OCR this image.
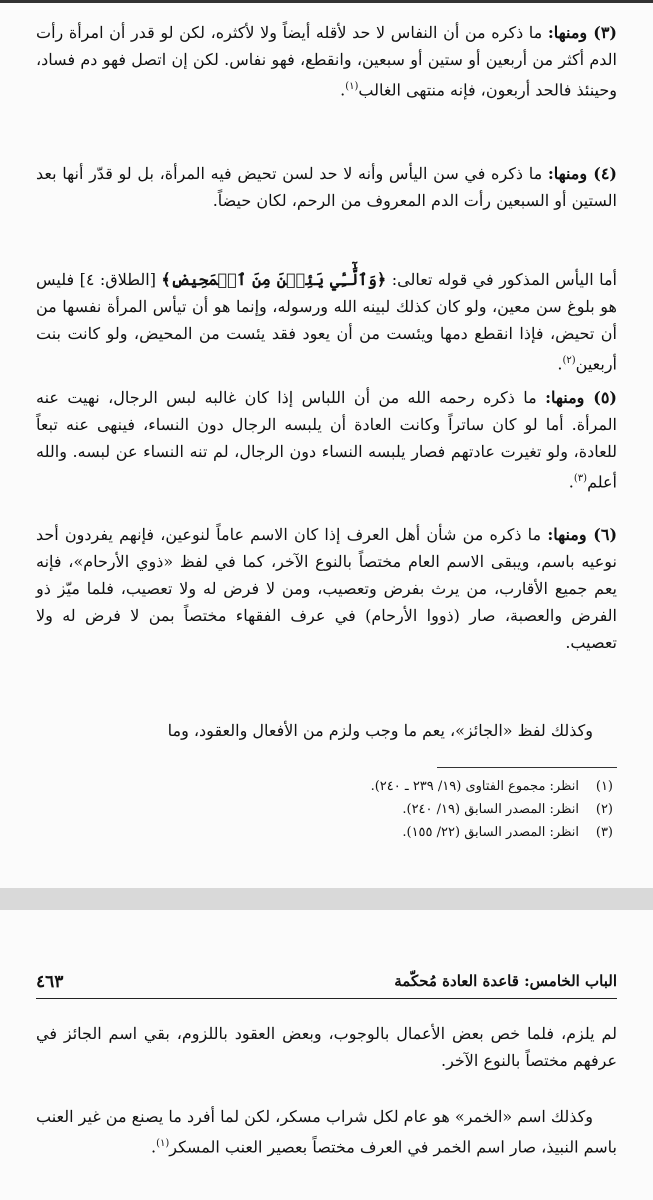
(٣) ومنها: ما ذكره من أن النفاس لا حد لأقله أيضاً ولا لأكثره، لكن لو قدر أن امرأة رأت الدم أكثر من أربعين أو ستين أو سبعين، وانقطع، فهو نفاس. لكن إن اتصل فهو دم فساد، وحينئذ فالحد أربعون، فإنه منتهى الغالب$^{(١)}$.

(٤) ومنها: ما ذكره في سن اليأس وأنه لا حد لسن تحيض فيه المرأة، بل لو قدّر أنها بعد الستين أو السبعين رأت الدم المعروف من الرحم، لكان حيضاً.

أما اليأس المذكور في قوله تعالى: ﴿وَٱلَّٰٓـِٔي يَئِسۡنَ مِنَ ٱلۡمَحِيضِ﴾ [الطلاق: ٤] فليس هو بلوغ سن معين، ولو كان كذلك لبينه الله ورسوله، وإنما هو أن تيأس المرأة نفسها من أن تحيض، فإذا انقطع دمها ويئست من أن يعود فقد يئست من المحيض، ولو كانت بنت أربعين$^{(٢)}$.

(٥) ومنها: ما ذكره رحمه الله من أن اللباس إذا كان غالبه لبس الرجال، نهيت عنه المرأة. أما لو كان ساتراً وكانت العادة أن يلبسه الرجال دون النساء، فينهى عنه تبعاً للعادة، ولو تغيرت عادتهم فصار يلبسه النساء دون الرجال، لم تنه النساء عن لبسه. والله أعلم$^{(٣)}$.

(٦) ومنها: ما ذكره من شأن أهل العرف إذا كان الاسم عاماً لنوعين، فإنهم يفردون أحد نوعيه باسم، ويبقى الاسم العام مختصاً بالنوع الآخر، كما في لفظ «ذوي الأرحام»، فإنه يعم جميع الأقارب، من يرث بفرض وتعصيب، ومن لا فرض له ولا تعصيب، فلما ميّز ذو الفرض والعصبة، صار (ذووا الأرحام) في عرف الفقهاء مختصاً بمن لا فرض له ولا تعصيب.

وكذلك لفظ «الجائز»، يعم ما وجب ولزم من الأفعال والعقود، وما

(١)
انظر: مجموع الفتاوى (١٩/ ٢٣٩ ـ ٢٤٠).
(٢)
انظر: المصدر السابق (١٩/ ٢٤٠).
(٣)
انظر: المصدر السابق (٢٢/ ١٥٥).
الباب الخامس: قاعدة العادة مُحكّمة
٤٦٣

لم يلزم، فلما خص بعض الأعمال بالوجوب، وبعض العقود باللزوم، بقي اسم الجائز في عرفهم مختصاً بالنوع الآخر.

وكذلك اسم «الخمر» هو عام لكل شراب مسكر، لكن لما أفرد ما يصنع من غير العنب باسم النبيذ، صار اسم الخمر في العرف مختصاً بعصير العنب المسكر$^{(١)}$.
